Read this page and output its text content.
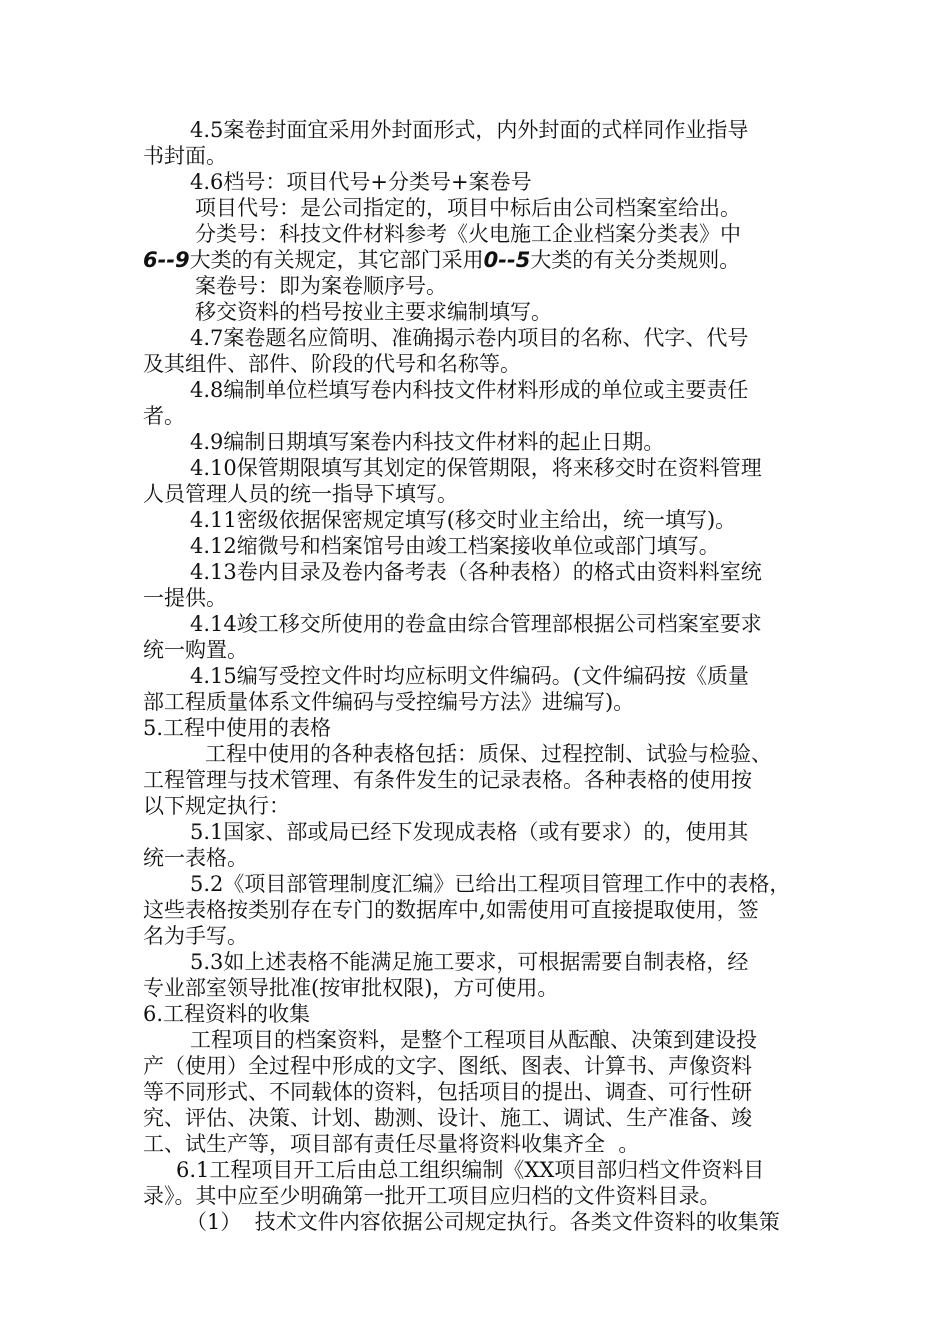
4.5案卷封面宜采用外封面形式，内外封面的式样同作业指导
书封面。
4.6档号：项目代号+分类号+案卷号
项目代号：是公司指定的，项目中标后由公司档案室给出。
分类号：科技文件材料参考《火电施工企业档案分类表》中
6--9大类的有关规定，其它部门采用0--5大类的有关分类规则。
案卷号：即为案卷顺序号。
移交资料的档号按业主要求编制填写。
4.7案卷题名应简明、准确揭示卷内项目的名称、代字、代号
及其组件、部件、阶段的代号和名称等。
4.8编制单位栏填写卷内科技文件材料形成的单位或主要责任
者。
4.9编制日期填写案卷内科技文件材料的起止日期。
4.10保管期限填写其划定的保管期限，将来移交时在资料管理
人员管理人员的统一指导下填写。
4.11密级依据保密规定填写(移交时业主给出，统一填写)。
4.12缩微号和档案馆号由竣工档案接收单位或部门填写。
4.13卷内目录及卷内备考表（各种表格）的格式由资料料室统
一提供。
4.14竣工移交所使用的卷盒由综合管理部根据公司档案室要求
统一购置。
4.15编写受控文件时均应标明文件编码。(文件编码按《质量
部工程质量体系文件编码与受控编号方法》进编写)。
5.工程中使用的表格
工程中使用的各种表格包括：质保、过程控制、试验与检验、
工程管理与技术管理、有条件发生的记录表格。各种表格的使用按
以下规定执行：
5.1国家、部或局已经下发现成表格（或有要求）的，使用其
统一表格。
5.2《项目部管理制度汇编》已给出工程项目管理工作中的表格，
这些表格按类别存在专门的数据库中,如需使用可直接提取使用，签
名为手写。
5.3如上述表格不能满足施工要求，可根据需要自制表格，经
专业部室领导批准(按审批权限)，方可使用。
6.工程资料的收集
工程项目的档案资料，是整个工程项目从酝酿、决策到建设投
产（使用）全过程中形成的文字、图纸、图表、计算书、声像资料
等不同形式、不同载体的资料，包括项目的提出、调查、可行性研
究、评估、决策、计划、勘测、设计、施工、调试、生产准备、竣
工、试生产等，项目部有责任尽量将资料收集齐全  。
6.1工程项目开工后由总工组织编制《XX项目部归档文件资料目
录》。其中应至少明确第一批开工项目应归档的文件资料目录。
（1）  技术文件内容依据公司规定执行。各类文件资料的收集策
